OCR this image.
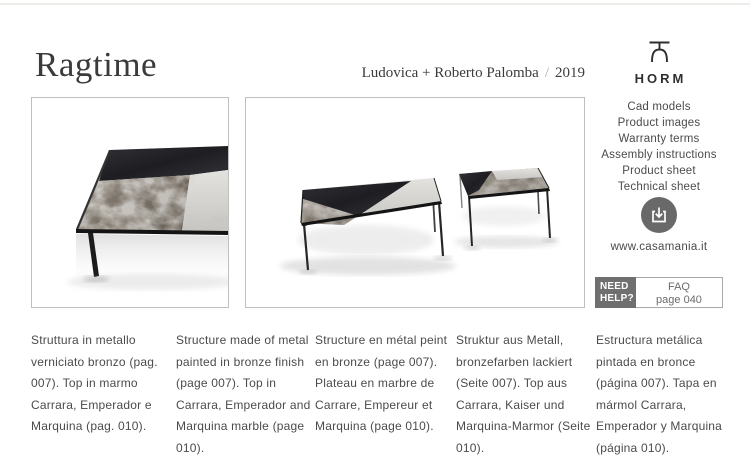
Ragtime	Ludovica + Roberto Palomba / 2019	HORM
Cad models
Product images
Warranty terms
Assembly instructions
Product sheet
Technical sheet
www.casamania.it
NEED
HELP?
FAQ
page 040
Struttura in metallo verniciato bronzo (pag. 007). Top in marmo Carrara, Emperador e Marquina (pag. 010).
Structure made of metal painted in bronze finish (page 007). Top in Carrara, Emperador and Marquina marble (page 010).
Structure en métal peint en bronze (page 007). Plateau en marbre de Carrare, Empereur et Marquina (page 010).
Struktur aus Metall, bronzefarben lackiert (Seite 007). Top aus Carrara, Kaiser und Marquina-Marmor (Seite 010).
Estructura metálica pintada en bronce (página 007). Tapa en mármol Carrara, Emperador y Marquina (página 010).
